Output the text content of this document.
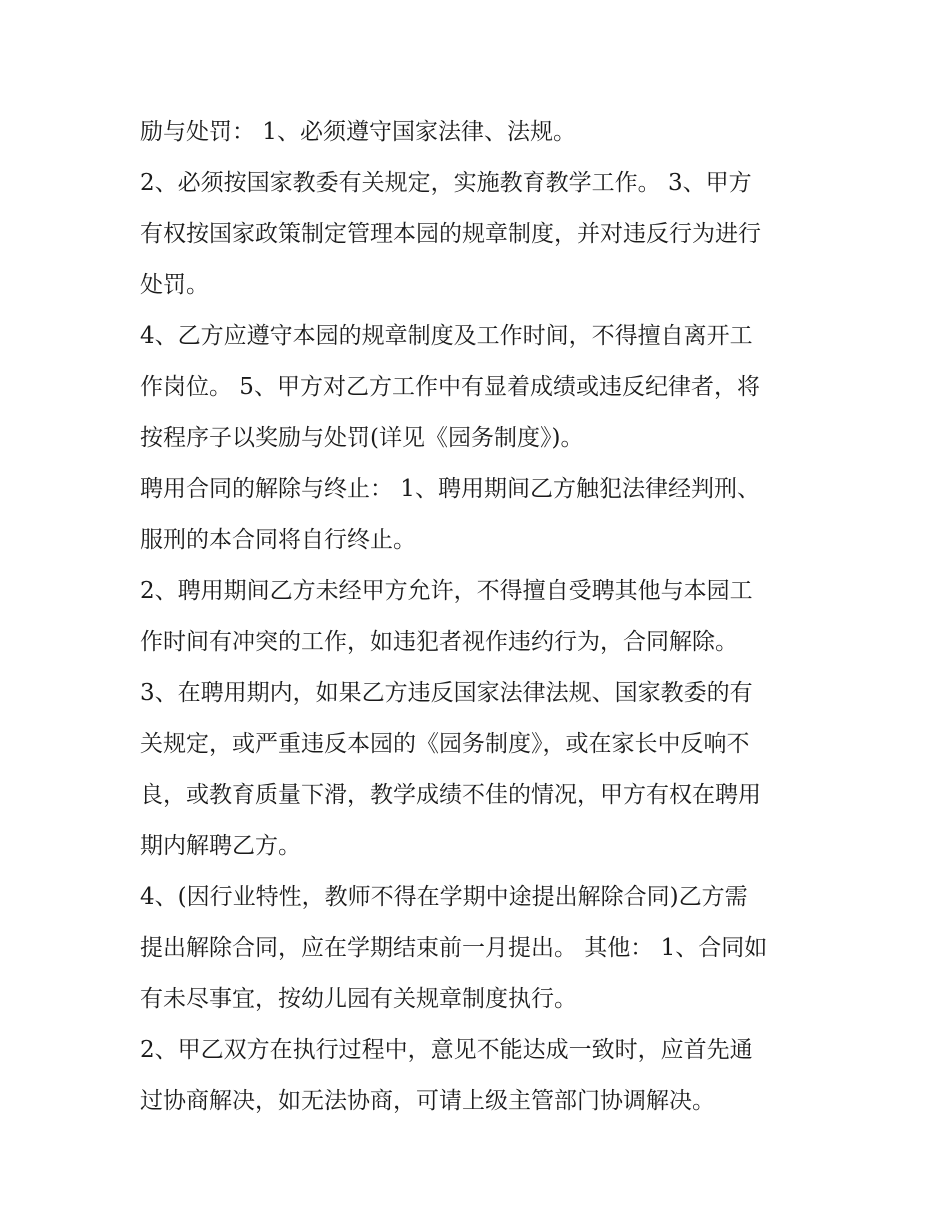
励与处罚： 1、必须遵守国家法律、法规。
2、必须按国家教委有关规定，实施教育教学工作。 3、甲方
有权按国家政策制定管理本园的规章制度，并对违反行为进行
处罚。
4、乙方应遵守本园的规章制度及工作时间，不得擅自离开工
作岗位。 5、甲方对乙方工作中有显着成绩或违反纪律者，将
按程序子以奖励与处罚(详见《园务制度》)。
聘用合同的解除与终止： 1、聘用期间乙方触犯法律经判刑、
服刑的本合同将自行终止。
2、聘用期间乙方未经甲方允许，不得擅自受聘其他与本园工
作时间有冲突的工作，如违犯者视作违约行为，合同解除。
3、在聘用期内，如果乙方违反国家法律法规、国家教委的有
关规定，或严重违反本园的《园务制度》，或在家长中反响不
良，或教育质量下滑，教学成绩不佳的情况，甲方有权在聘用
期内解聘乙方。
4、(因行业特性，教师不得在学期中途提出解除合同)乙方需
提出解除合同，应在学期结束前一月提出。 其他： 1、合同如
有未尽事宜，按幼儿园有关规章制度执行。
2、甲乙双方在执行过程中，意见不能达成一致时，应首先通
过协商解决，如无法协商，可请上级主管部门协调解决。
